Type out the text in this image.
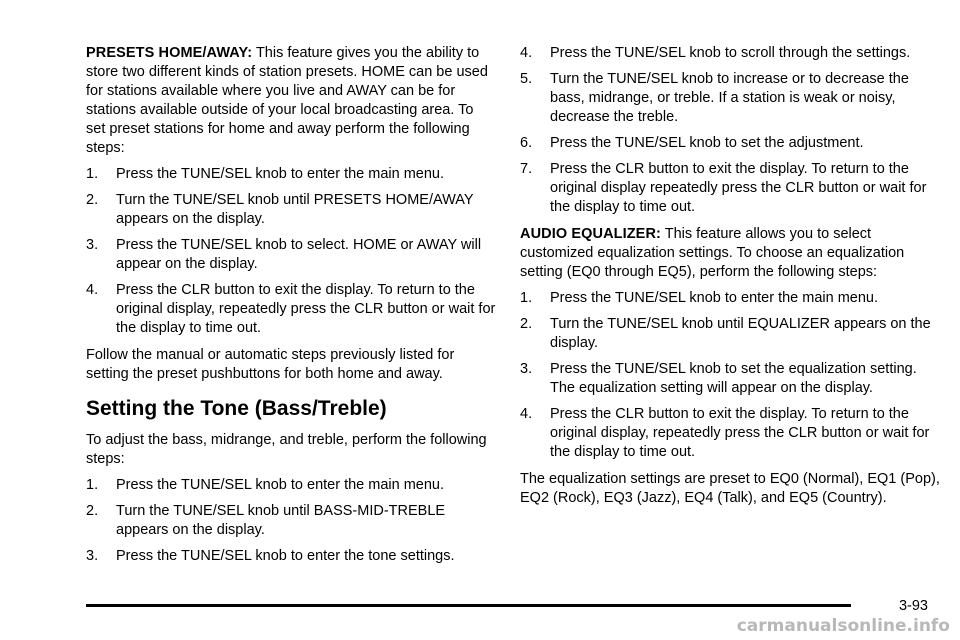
PRESETS HOME/AWAY: This feature gives you the ability to store two different kinds of station presets. HOME can be used for stations available where you live and AWAY can be for stations available outside of your local broadcasting area. To set preset stations for home and away perform the following steps:

1. Press the TUNE/SEL knob to enter the main menu.
2. Turn the TUNE/SEL knob until PRESETS HOME/AWAY appears on the display.
3. Press the TUNE/SEL knob to select. HOME or AWAY will appear on the display.
4. Press the CLR button to exit the display. To return to the original display, repeatedly press the CLR button or wait for the display to time out.

Follow the manual or automatic steps previously listed for setting the preset pushbuttons for both home and away.

Setting the Tone (Bass/Treble)

To adjust the bass, midrange, and treble, perform the following steps:

1. Press the TUNE/SEL knob to enter the main menu.
2. Turn the TUNE/SEL knob until BASS-MID-TREBLE appears on the display.
3. Press the TUNE/SEL knob to enter the tone settings.
4. Press the TUNE/SEL knob to scroll through the settings.
5. Turn the TUNE/SEL knob to increase or to decrease the bass, midrange, or treble. If a station is weak or noisy, decrease the treble.
6. Press the TUNE/SEL knob to set the adjustment.
7. Press the CLR button to exit the display. To return to the original display repeatedly press the CLR button or wait for the display to time out.

AUDIO EQUALIZER: This feature allows you to select customized equalization settings. To choose an equalization setting (EQ0 through EQ5), perform the following steps:

1. Press the TUNE/SEL knob to enter the main menu.
2. Turn the TUNE/SEL knob until EQUALIZER appears on the display.
3. Press the TUNE/SEL knob to set the equalization setting. The equalization setting will appear on the display.
4. Press the CLR button to exit the display. To return to the original display, repeatedly press the CLR button or wait for the display to time out.

The equalization settings are preset to EQ0 (Normal), EQ1 (Pop), EQ2 (Rock), EQ3 (Jazz), EQ4 (Talk), and EQ5 (Country).

3-93
carmanualsonline.info
